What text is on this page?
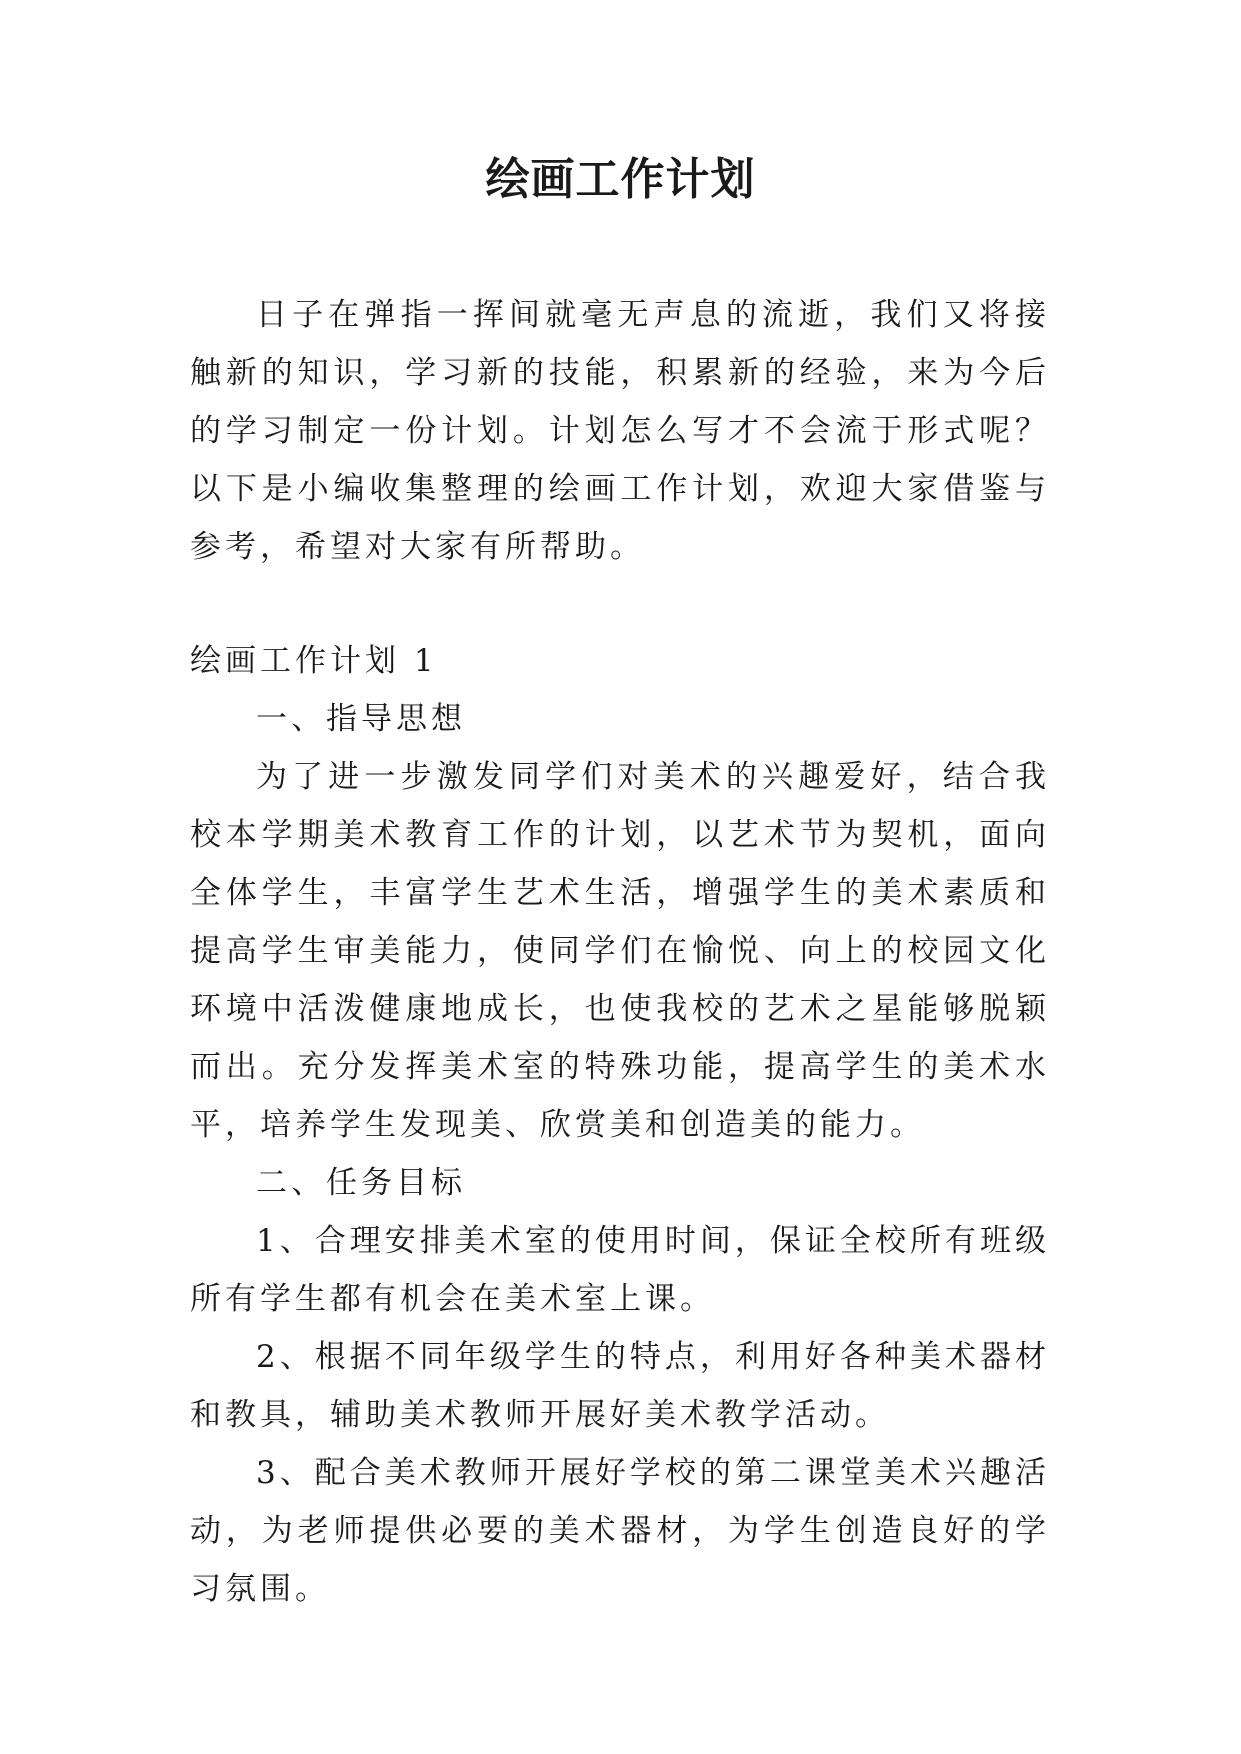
绘画工作计划

日子在弹指一挥间就毫无声息的流逝，我们又将接触新的知识，学习新的技能，积累新的经验，来为今后的学习制定一份计划。计划怎么写才不会流于形式呢？以下是小编收集整理的绘画工作计划，欢迎大家借鉴与参考，希望对大家有所帮助。

绘画工作计划 1

一、指导思想

为了进一步激发同学们对美术的兴趣爱好，结合我校本学期美术教育工作的计划，以艺术节为契机，面向全体学生，丰富学生艺术生活，增强学生的美术素质和提高学生审美能力，使同学们在愉悦、向上的校园文化环境中活泼健康地成长，也使我校的艺术之星能够脱颖而出。充分发挥美术室的特殊功能，提高学生的美术水平，培养学生发现美、欣赏美和创造美的能力。

二、任务目标

1、合理安排美术室的使用时间，保证全校所有班级所有学生都有机会在美术室上课。

2、根据不同年级学生的特点，利用好各种美术器材和教具，辅助美术教师开展好美术教学活动。

3、配合美术教师开展好学校的第二课堂美术兴趣活动，为老师提供必要的美术器材，为学生创造良好的学习氛围。
